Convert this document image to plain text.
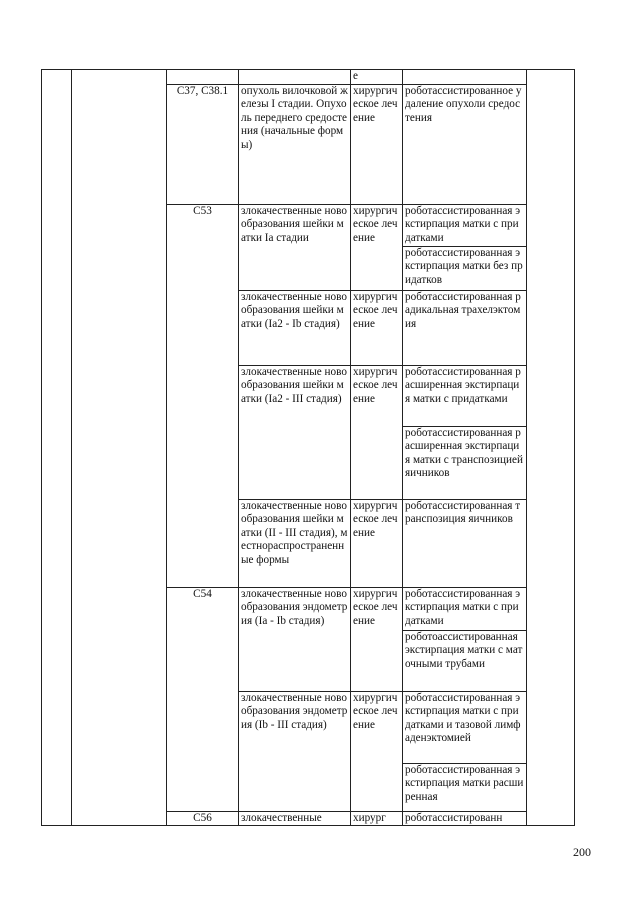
				е		
		C37, C38.1	опухоль вилочковой железы I стадии. Опухоль переднего средостения (начальные формы)	хирургическое лечение	роботассистированное удаление опухоли средостения	
		C53	злокачественные новообразования шейки матки Ia стадии	хирургическое лечение	роботассистированная экстирпация матки с придатками	
					роботассистированная экстирпация матки без придатков	
			злокачественные новообразования шейки матки (Ia2 - Ib стадия)	хирургическое лечение	роботассистированная радикальная трахелэктомия	
			злокачественные новообразования шейки матки (Ia2 - III стадия)	хирургическое лечение	роботассистированная расширенная экстирпация матки с придатками	
					роботассистированная расширенная экстирпация матки с транспозицией яичников	
			злокачественные новообразования шейки матки (II - III стадия), местнораспространенные формы	хирургическое лечение	роботассистированная транспозиция яичников	
		C54	злокачественные новообразования эндометрия (Ia - Ib стадия)	хирургическое лечение	роботассистированная экстирпация матки с придатками	
					роботоассистированная экстирпация матки с маточными трубами	
			злокачественные новообразования эндометрия (Ib - III стадия)	хирургическое лечение	роботассистированная экстирпация матки с придатками и тазовой лимфаденэктомией	
					роботассистированная экстирпация матки расширенная	
		C56	злокачественные	хирург	роботассистированн	
200
